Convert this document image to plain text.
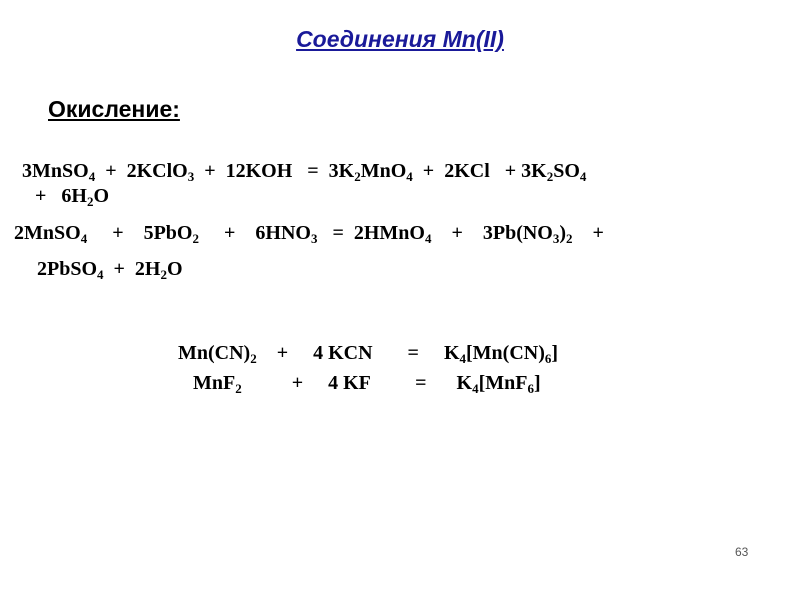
Соединения Mn(II)
Окисление:
3MnSO$_4$  +  2KClO$_3$  +  $12KOH = 3K_2MnO_4 + 2KCl + 3K_2SO_4$
+   $6H_2O$
2MnSO$_4$     +    5PbO$_2$     +    $6HNO_3$   =  2HMnO$_4$    +    $3Pb(NO_3)_2$    +
2PbSO$_4$  +  $2H_2O$
$Mn(CN)_2$    +     4 KCN       =     $K_4[Mn(CN)_6]$
MnF$_2$          +     4 KF         =      $K_4[MnF_6]$
63
